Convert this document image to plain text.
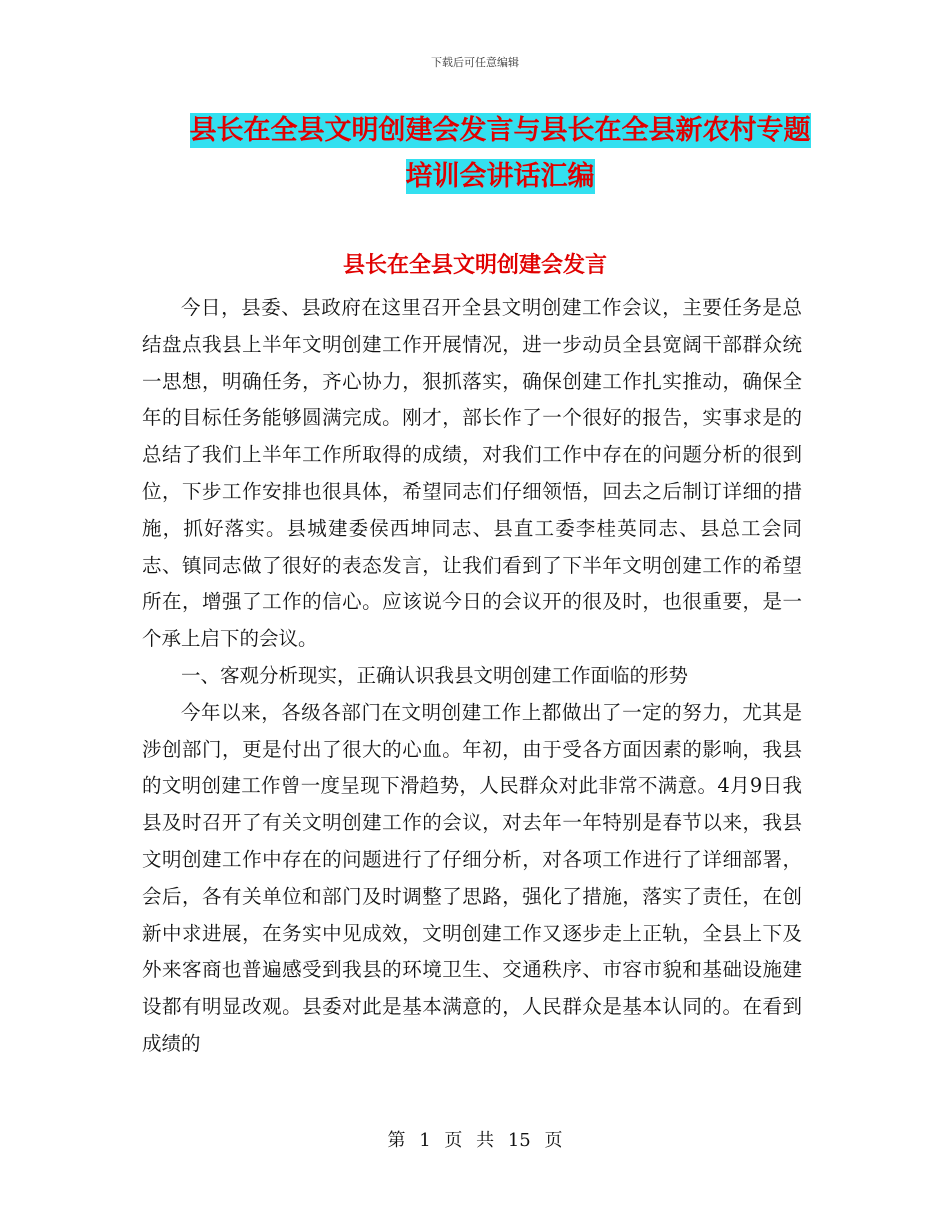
下载后可任意编辑
县长在全县文明创建会发言与县长在全县新农村专题
培训会讲话汇编
县长在全县文明创建会发言

今日，县委、县政府在这里召开全县文明创建工作会议，主要任务是总结盘点我县上半年文明创建工作开展情况，进一步动员全县宽阔干部群众统一思想，明确任务，齐心协力，狠抓落实，确保创建工作扎实推动，确保全年的目标任务能够圆满完成。刚才，部长作了一个很好的报告，实事求是的总结了我们上半年工作所取得的成绩，对我们工作中存在的问题分析的很到位，下步工作安排也很具体，希望同志们仔细领悟，回去之后制订详细的措施，抓好落实。县城建委侯西坤同志、县直工委李桂英同志、县总工会同志、镇同志做了很好的表态发言，让我们看到了下半年文明创建工作的希望所在，增强了工作的信心。应该说今日的会议开的很及时，也很重要，是一个承上启下的会议。

一、客观分析现实，正确认识我县文明创建工作面临的形势

今年以来，各级各部门在文明创建工作上都做出了一定的努力，尤其是涉创部门，更是付出了很大的心血。年初，由于受各方面因素的影响，我县的文明创建工作曾一度呈现下滑趋势，人民群众对此非常不满意。4月9日我县及时召开了有关文明创建工作的会议，对去年一年特别是春节以来，我县文明创建工作中存在的问题进行了仔细分析，对各项工作进行了详细部署，会后，各有关单位和部门及时调整了思路，强化了措施，落实了责任，在创新中求进展，在务实中见成效，文明创建工作又逐步走上正轨，全县上下及外来客商也普遍感受到我县的环境卫生、交通秩序、市容市貌和基础设施建设都有明显改观。县委对此是基本满意的，人民群众是基本认同的。在看到成绩的

第 1 页 共 15 页
